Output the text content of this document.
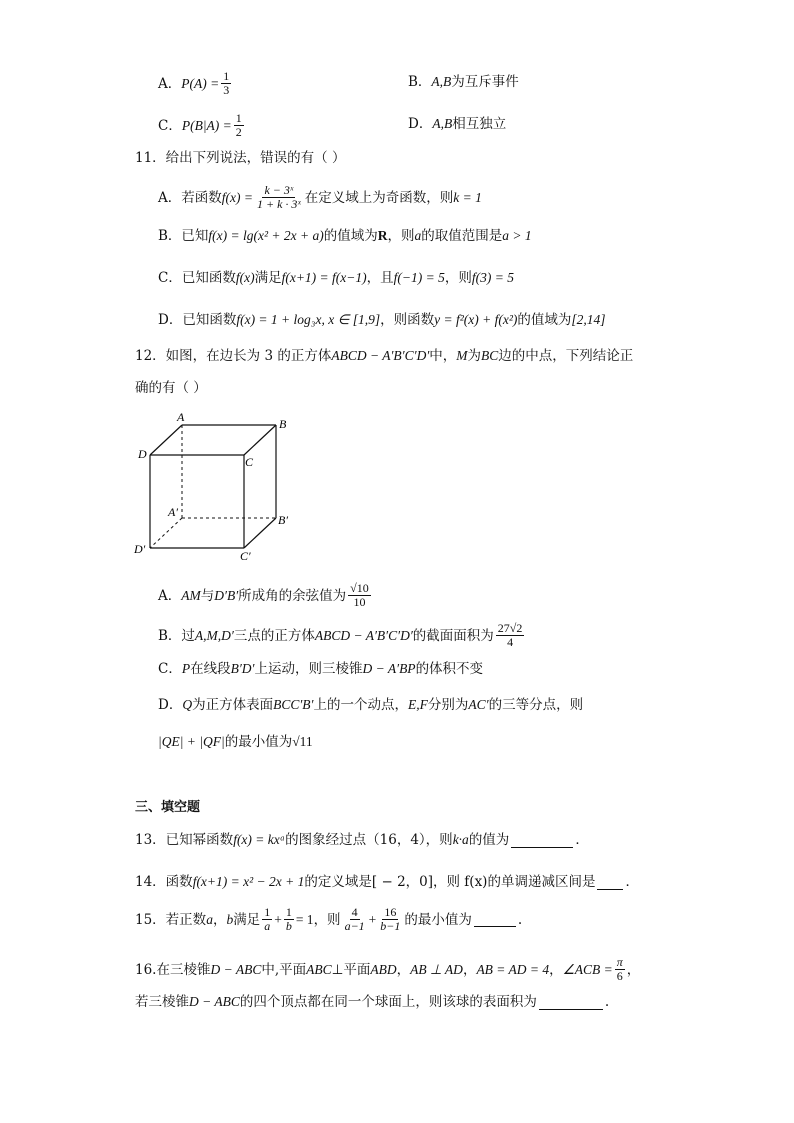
A． $P(A) = \frac{1}{3}$	B． A,B 为互斥事件
C． $P(B|A) = \frac{1}{2}$	D． A,B 相互独立
11．给出下列说法，错误的有（ ）
A．若函数 $f(x) = \frac{\text{k − 3ˣ}}{\text{1 + k · 3ˣ}}$ 在定义域上为奇函数，则 k = 1
B．已知 f(x) = lg(x² + 2x + a) 的值域为 R ，则 a 的取值范围是 a > 1
C．已知函数 f(x) 满足 f(x+1) = f(x−1) ，且 f(−1) = 5 ，则 f(3) = 5
D．已知函数 f(x) = 1 + log₃x, x ∈ [1,9] ，则函数 y = f²(x) + f(x²) 的值域为 [2,14]
12．如图，在边长为 3 的正方体 ABCD − A′B′C′D′ 中， M 为 BC 边的中点，下列结论正
确的有（ ）
A	B
C
D
A′
B′
C′
D′
A． AM 与 D′B′ 所成角的余弦值为 $\frac{√10}{10}$
B．过 A,M,D′ 三点的正方体 ABCD − A′B′C′D′ 的截面面积为 $\frac{27√2}{4}$
C． P 在线段 B′D′ 上运动，则三棱锥 D − A′BP 的体积不变
D． Q 为正方体表面 BCC′B′ 上的一个动点， E,F 分别为 AC′ 的三等分点，则
|QE| + |QF| 的最小值为 √11
三、填空题
13．已知幂函数 f(x) = kxᵃ 的图象经过点（16，4），则 k·a 的值为	．
14．函数 f(x+1) = x² − 2x + 1 的定义域是[ − 2，0]，则 f(x)的单调递减区间是 ．
15．若正数 a ， b 满足 $\frac{1}{a} + \frac{1}{b} = 1$ ，则 $\frac{4}{a-1} + \frac{16}{b-1}$ 的最小值为	.
16.在三棱锥 D − ABC 中,平面 ABC ⊥ 平面 ABD ， AB ⊥ AD ， AB = AD = 4 ， ∠ACB = $\frac{\pi}{6}$ ，
若三棱锥 D − ABC 的四个顶点都在同一个球面上，则该球的表面积为	.
